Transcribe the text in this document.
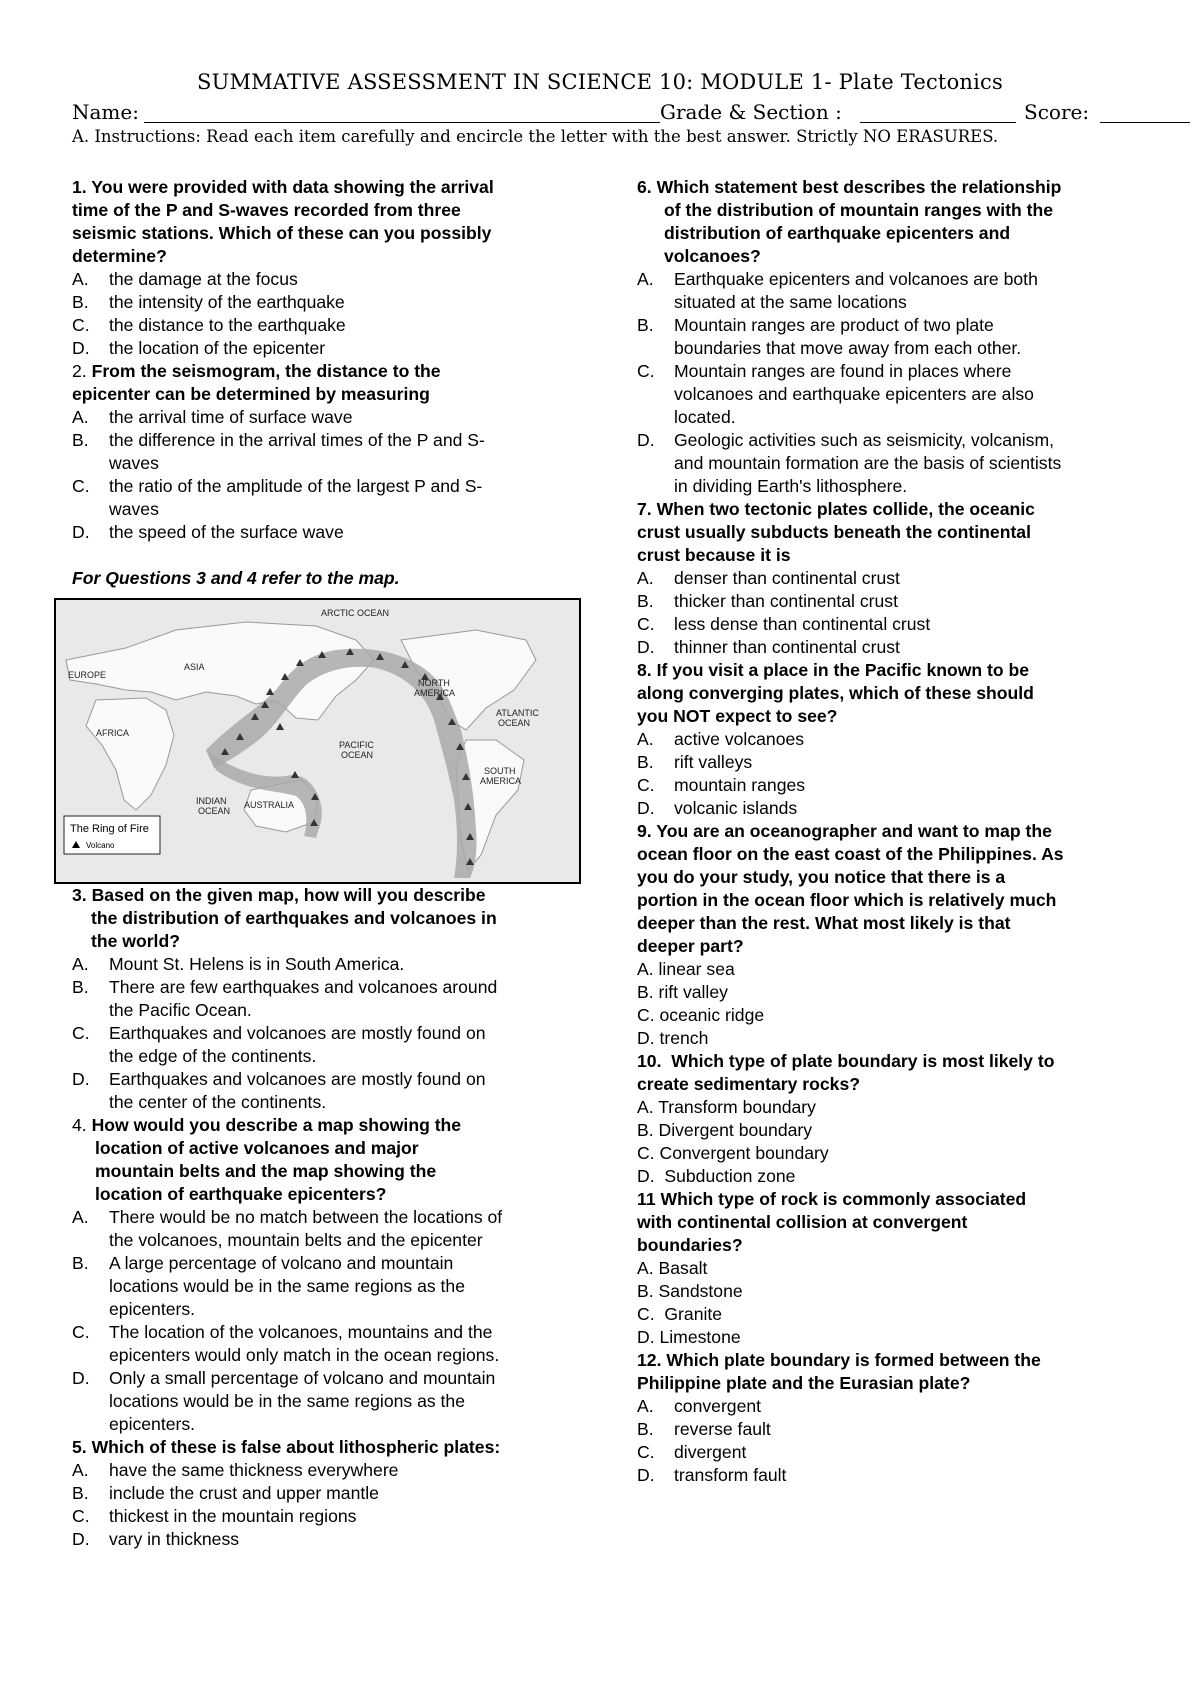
SUMMATIVE ASSESSMENT IN SCIENCE 10: MODULE 1- Plate Tectonics
Name:	Grade & Section :	Score:
A. Instructions: Read each item carefully and encircle the letter with the best answer. Strictly NO ERASURES.
1. You were provided with data showing the arrival
time of the P and S-waves recorded from three
seismic stations. Which of these can you possibly
determine?
A. the damage at the focus
B. the intensity of the earthquake
C. the distance to the earthquake
D. the location of the epicenter
2. From the seismogram, the distance to the
epicenter can be determined by measuring
A. the arrival time of surface wave
B. the difference in the arrival times of the P and S-
waves
C. the ratio of the amplitude of the largest P and S-
waves
D. the speed of the surface wave
For Questions 3 and 4 refer to the map.
ARCTIC OCEAN
EUROPE
ASIA
AFRICA
INDIAN
OCEAN
AUSTRALIA
PACIFIC
OCEAN
NORTH
AMERICA
ATLANTIC
OCEAN
SOUTH
AMERICA
The Ring of Fire
Volcano
3. Based on the given map, how will you describe
the distribution of earthquakes and volcanoes in
the world?
A. Mount St. Helens is in South America.
B. There are few earthquakes and volcanoes around
the Pacific Ocean.
C. Earthquakes and volcanoes are mostly found on
the edge of the continents.
D. Earthquakes and volcanoes are mostly found on
the center of the continents.
4. How would you describe a map showing the
location of active volcanoes and major
mountain belts and the map showing the
location of earthquake epicenters?
A. There would be no match between the locations of
the volcanoes, mountain belts and the epicenter
B. A large percentage of volcano and mountain
locations would be in the same regions as the
epicenters.
C. The location of the volcanoes, mountains and the
epicenters would only match in the ocean regions.
D. Only a small percentage of volcano and mountain
locations would be in the same regions as the
epicenters.
5. Which of these is false about lithospheric plates:
A. have the same thickness everywhere
B. include the crust and upper mantle
C. thickest in the mountain regions
D. vary in thickness
6. Which statement best describes the relationship
of the distribution of mountain ranges with the
distribution of earthquake epicenters and
volcanoes?
A. Earthquake epicenters and volcanoes are both
situated at the same locations
B. Mountain ranges are product of two plate
boundaries that move away from each other.
C. Mountain ranges are found in places where
volcanoes and earthquake epicenters are also
located.
D. Geologic activities such as seismicity, volcanism,
and mountain formation are the basis of scientists
in dividing Earth's lithosphere.
7. When two tectonic plates collide, the oceanic
crust usually subducts beneath the continental
crust because it is
A. denser than continental crust
B. thicker than continental crust
C. less dense than continental crust
D. thinner than continental crust
8. If you visit a place in the Pacific known to be
along converging plates, which of these should
you NOT expect to see?
A. active volcanoes
B. rift valleys
C. mountain ranges
D. volcanic islands
9. You are an oceanographer and want to map the
ocean floor on the east coast of the Philippines. As
you do your study, you notice that there is a
portion in the ocean floor which is relatively much
deeper than the rest. What most likely is that
deeper part?
A. linear sea
B. rift valley
C. oceanic ridge
D. trench
10.  Which type of plate boundary is most likely to
create sedimentary rocks?
A. Transform boundary
B. Divergent boundary
C. Convergent boundary
D.  Subduction zone
11 Which type of rock is commonly associated
with continental collision at convergent
boundaries?
A. Basalt
B. Sandstone
C.  Granite
D. Limestone
12. Which plate boundary is formed between the
Philippine plate and the Eurasian plate?
A. convergent
B. reverse fault
C. divergent
D. transform fault
